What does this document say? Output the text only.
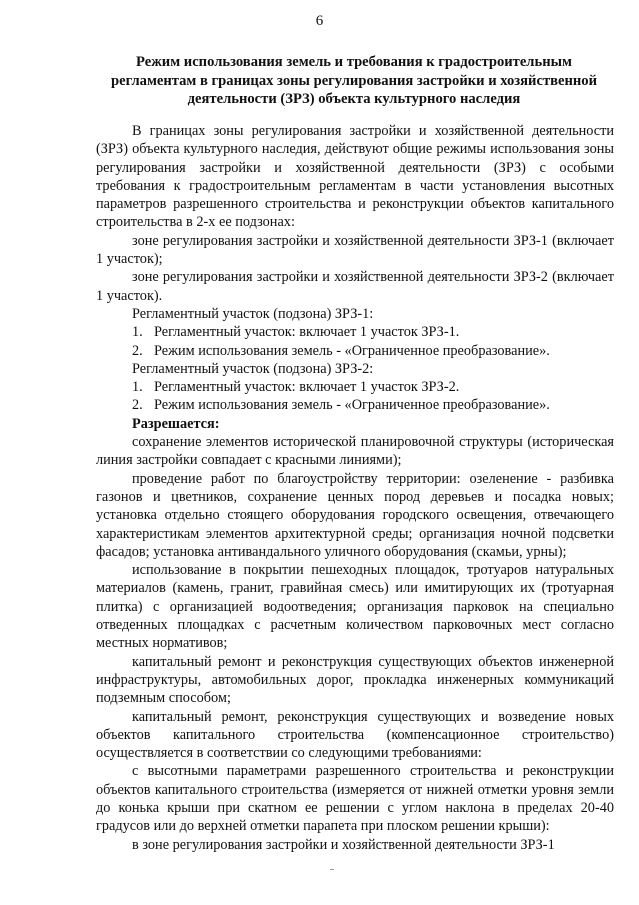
6
Режим использования земель и требования к градостроительным регламентам в границах зоны регулирования застройки и хозяйственной деятельности (ЗРЗ) объекта культурного наследия

В границах зоны регулирования застройки и хозяйственной деятельности (ЗРЗ) объекта культурного наследия, действуют общие режимы использования зоны регулирования застройки и хозяйственной деятельности (ЗРЗ) с особыми требования к градостроительным регламентам в части установления высотных параметров разрешенного строительства и реконструкции объектов капитального строительства в 2-х ее подзонах:

зоне регулирования застройки и хозяйственной деятельности ЗРЗ-1 (включает 1 участок);

зоне регулирования застройки и хозяйственной деятельности ЗРЗ-2 (включает 1 участок).

Регламентный участок (подзона) ЗРЗ-1:

1. Регламентный участок: включает 1 участок ЗРЗ-1.
2. Режим использования земель - «Ограниченное преобразование».

Регламентный участок (подзона) ЗРЗ-2:

1. Регламентный участок: включает 1 участок ЗРЗ-2.
2. Режим использования земель - «Ограниченное преобразование».

Разрешается:

сохранение элементов исторической планировочной структуры (историческая линия застройки совпадает с красными линиями);

проведение работ по благоустройству территории: озеленение - разбивка газонов и цветников, сохранение ценных пород деревьев и посадка новых; установка отдельно стоящего оборудования городского освещения, отвечающего характеристикам элементов архитектурной среды; организация ночной подсветки фасадов; установка антивандального уличного оборудования (скамьи, урны);

использование в покрытии пешеходных площадок, тротуаров натуральных материалов (камень, гранит, гравийная смесь) или имитирующих их (тротуарная плитка) с организацией водоотведения; организация парковок на специально отведенных площадках с расчетным количеством парковочных мест согласно местных нормативов;

капитальный ремонт и реконструкция существующих объектов инженерной инфраструктуры, автомобильных дорог, прокладка инженерных коммуникаций подземным способом;

капитальный ремонт, реконструкция существующих и возведение новых объектов капитального строительства (компенсационное строительство) осуществляется в соответствии со следующими требованиями:

с высотными параметрами разрешенного строительства и реконструкции объектов капитального строительства (измеряется от нижней отметки уровня земли до конька крыши при скатном ее решении с углом наклона в пределах 20-40 градусов или до верхней отметки парапета при плоском решении крыши):

в зоне регулирования застройки и хозяйственной деятельности ЗРЗ-1
